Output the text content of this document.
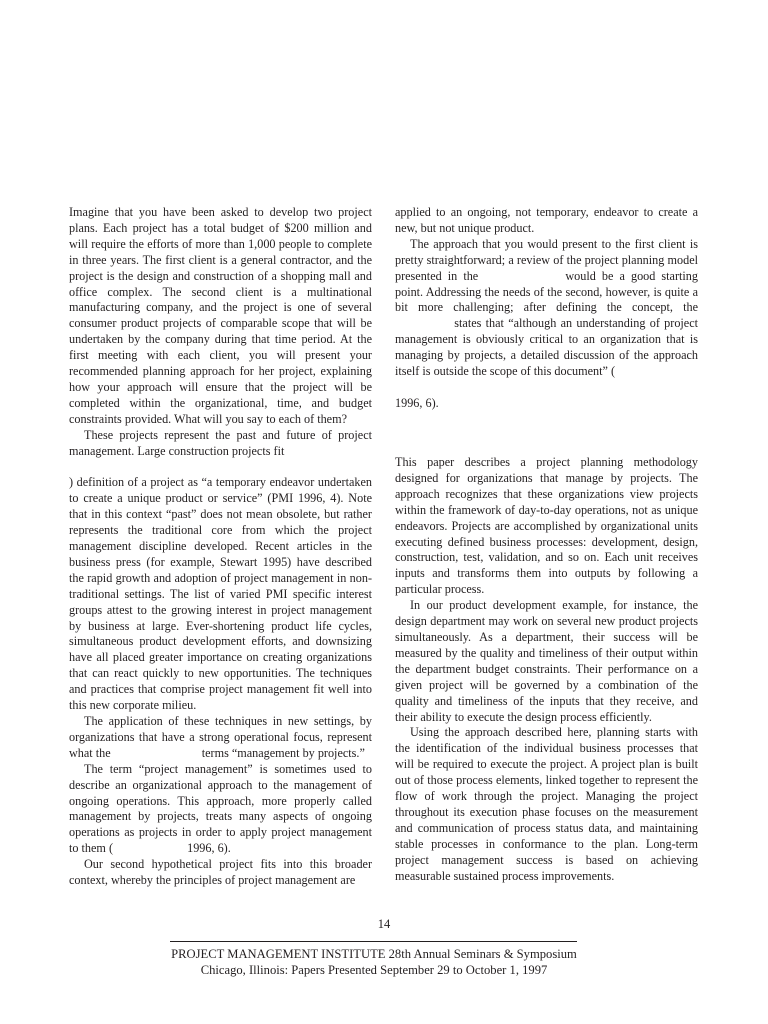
Imagine that you have been asked to develop two project plans. Each project has a total budget of $200 million and will require the efforts of more than 1,000 people to complete in three years. The first client is a general contractor, and the project is the design and construction of a shopping mall and office complex. The second client is a multinational manufacturing company, and the project is one of several consumer product projects of comparable scope that will be undertaken by the company during that time period. At the first meeting with each client, you will present your recommended planning approach for her project, explaining how your approach will ensure that the project will be completed within the organizational, time, and budget constraints provided. What will you say to each of them?

These projects represent the past and future of project management. Large construction projects fit
) definition of a project as “a temporary endeavor undertaken to create a unique product or service” (PMI 1996, 4). Note that in this context “past” does not mean obsolete, but rather represents the traditional core from which the project management discipline developed. Recent articles in the business press (for example, Stewart 1995) have described the rapid growth and adoption of project management in non-traditional settings. The list of varied PMI specific interest groups attest to the growing interest in project management by business at large. Ever-shortening product life cycles, simultaneous product development efforts, and downsizing have all placed greater importance on creating organizations that can react quickly to new opportunities. The techniques and practices that comprise project management fit well into this new corporate milieu.

The application of these techniques in new settings, by organizations that have a strong operational focus, represent what the	terms “management by projects.”

The term “project management” is sometimes used to describe an organizational approach to the management of ongoing operations. This approach, more properly called management by projects, treats many aspects of ongoing operations as projects in order to apply project management to them (	1996, 6).

Our second hypothetical project fits into this broader context, whereby the principles of project management are

applied to an ongoing, not temporary, endeavor to create a new, but not unique product.

The approach that you would present to the first client is pretty straightforward; a review of the project planning model presented in the	would be a good starting point. Addressing the needs of the second, however, is quite a bit more challenging; after defining the concept, the  states that “although an understanding of project management is obviously critical to an organization that is managing by projects, a detailed discussion of the approach itself is outside the scope of this document” (
1996, 6).

This paper describes a project planning methodology designed for organizations that manage by projects. The approach recognizes that these organizations view projects within the framework of day-to-day operations, not as unique endeavors. Projects are accomplished by organizational units executing defined business processes: development, design, construction, test, validation, and so on. Each unit receives inputs and transforms them into outputs by following a particular process.

In our product development example, for instance, the design department may work on several new product projects simultaneously. As a department, their success will be measured by the quality and timeliness of their output within the department budget constraints. Their performance on a given project will be governed by a combination of the quality and timeliness of the inputs that they receive, and their ability to execute the design process efficiently.

Using the approach described here, planning starts with the identification of the individual business processes that will be required to execute the project. A project plan is built out of those process elements, linked together to represent the flow of work through the project. Managing the project throughout its execution phase focuses on the measurement and communication of process status data, and maintaining stable processes in conformance to the plan. Long-term project management success is based on achieving measurable sustained process improvements.

14
PROJECT MANAGEMENT INSTITUTE 28th Annual Seminars & Symposium
Chicago, Illinois: Papers Presented September 29 to October 1, 1997
